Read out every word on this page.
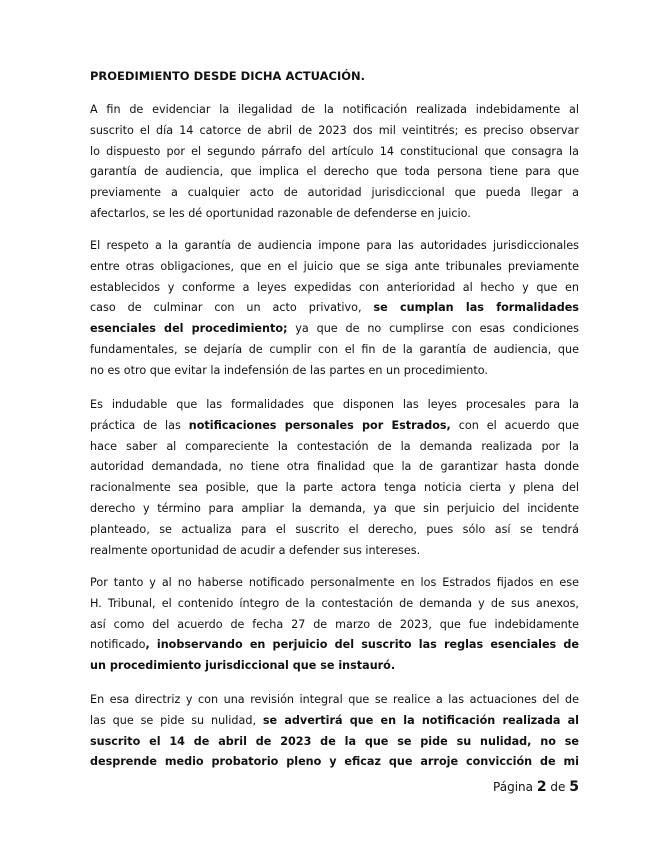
PROEDIMIENTO DESDE DICHA ACTUACIÓN.
A fin de evidenciar la ilegalidad de la notificación realizada indebidamente al
suscrito el día 14 catorce de abril de 2023 dos mil veintitrés; es preciso observar
lo dispuesto por el segundo párrafo del artículo 14 constitucional que consagra la
garantía de audiencia, que implica el derecho que toda persona tiene para que
previamente a cualquier acto de autoridad jurisdiccional que pueda llegar a
afectarlos, se les dé oportunidad razonable de defenderse en juicio.
El respeto a la garantía de audiencia impone para las autoridades jurisdiccionales
entre otras obligaciones, que en el juicio que se siga ante tribunales previamente
establecidos y conforme a leyes expedidas con anterioridad al hecho y que en
caso de culminar con un acto privativo, se cumplan las formalidades
esenciales del procedimiento; ya que de no cumplirse con esas condiciones
fundamentales, se dejaría de cumplir con el fin de la garantía de audiencia, que
no es otro que evitar la indefensión de las partes en un procedimiento.
Es indudable que las formalidades que disponen las leyes procesales para la
práctica de las notificaciones personales por Estrados, con el acuerdo que
hace saber al compareciente la contestación de la demanda realizada por la
autoridad demandada, no tiene otra finalidad que la de garantizar hasta donde
racionalmente sea posible, que la parte actora tenga noticia cierta y plena del
derecho y término para ampliar la demanda, ya que sin perjuicio del incidente
planteado, se actualiza para el suscrito el derecho, pues sólo así se tendrá
realmente oportunidad de acudir a defender sus intereses.
Por tanto y al no haberse notificado personalmente en los Estrados fijados en ese
H. Tribunal, el contenido íntegro de la contestación de demanda y de sus anexos,
así como del acuerdo de fecha 27 de marzo de 2023, que fue indebidamente
notificado, inobservando en perjuicio del suscrito las reglas esenciales de
un procedimiento jurisdiccional que se instauró.
En esa directriz y con una revisión integral que se realice a las actuaciones del de
las que se pide su nulidad, se advertirá que en la notificación realizada al
suscrito el 14 de abril de 2023 de la que se pide su nulidad, no se
desprende medio probatorio pleno y eficaz que arroje convicción de mi
Página 2 de 5
